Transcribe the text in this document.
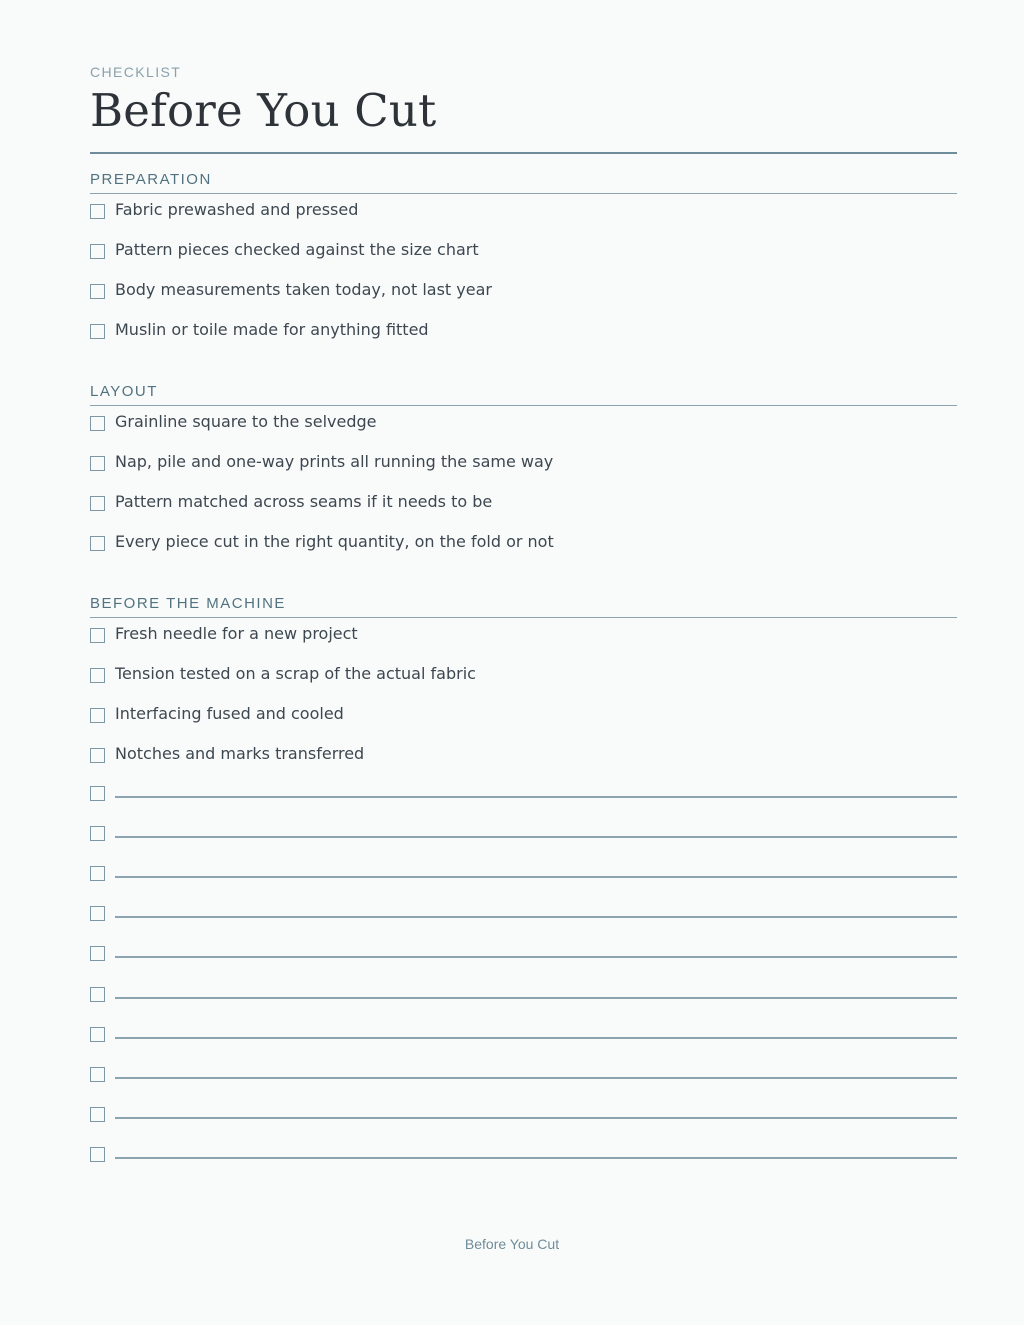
CHECKLIST
Before You Cut
PREPARATION
Fabric prewashed and pressed
Pattern pieces checked against the size chart
Body measurements taken today, not last year
Muslin or toile made for anything fitted
LAYOUT
Grainline square to the selvedge
Nap, pile and one-way prints all running the same way
Pattern matched across seams if it needs to be
Every piece cut in the right quantity, on the fold or not
BEFORE THE MACHINE
Fresh needle for a new project
Tension tested on a scrap of the actual fabric
Interfacing fused and cooled
Notches and marks transferred
Before You Cut
